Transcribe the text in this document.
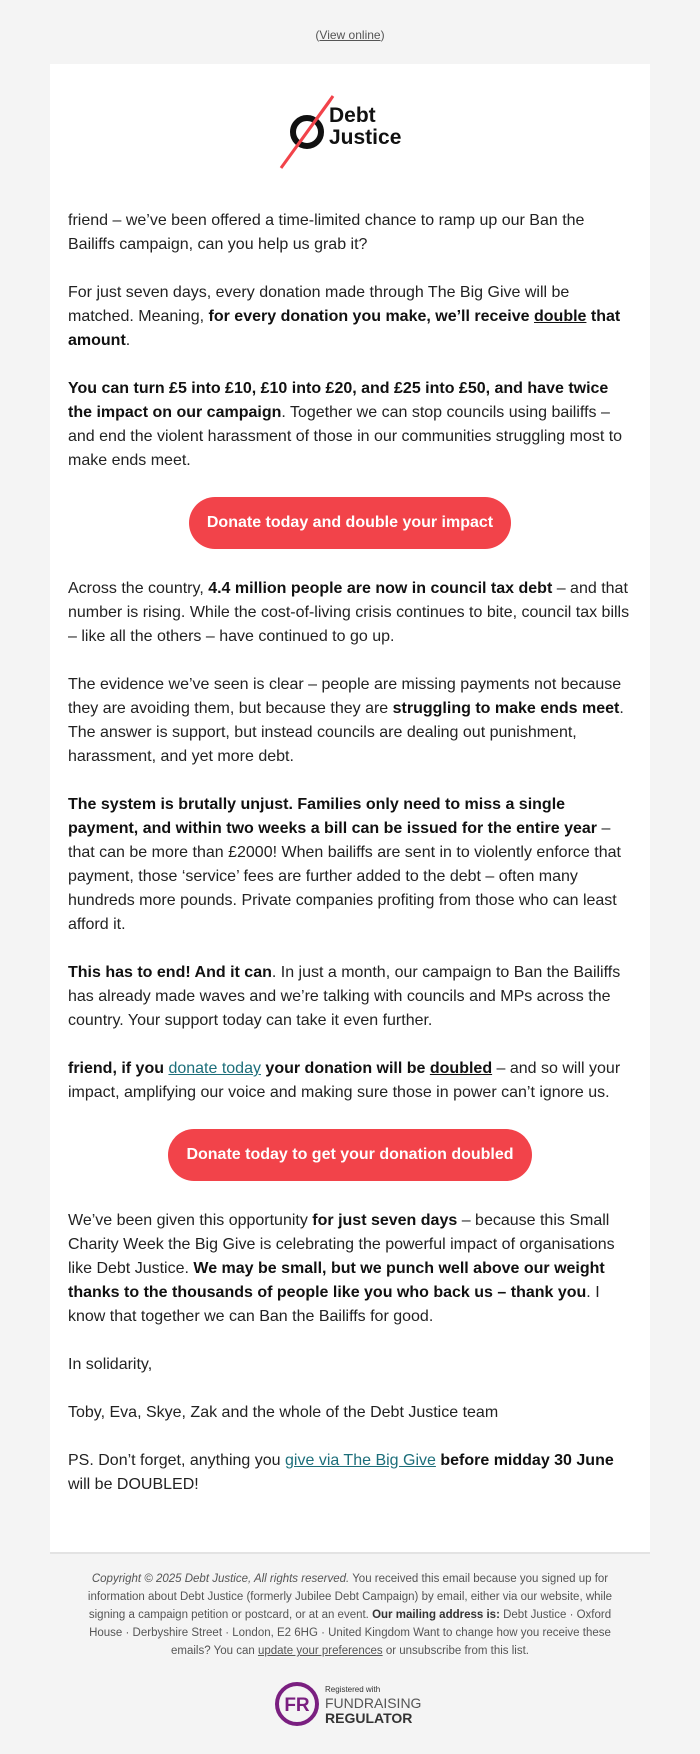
(View online)
Debt
Justice

friend – we’ve been offered a time-limited chance to ramp up our Ban the Bailiffs campaign, can you help us grab it?

For just seven days, every donation made through The Big Give will be matched. Meaning, for every donation you make, we’ll receive double that amount.

You can turn £5 into £10, £10 into £20, and £25 into £50, and have twice the impact on our campaign. Together we can stop councils using bailiffs – and end the violent harassment of those in our communities struggling most to make ends meet.

Donate today and double your impact

Across the country, 4.4 million people are now in council tax debt – and that number is rising. While the cost-of-living crisis continues to bite, council tax bills – like all the others – have continued to go up.

The evidence we’ve seen is clear – people are missing payments not because they are avoiding them, but because they are struggling to make ends meet. The answer is support, but instead councils are dealing out punishment, harassment, and yet more debt.

The system is brutally unjust. Families only need to miss a single payment, and within two weeks a bill can be issued for the entire year – that can be more than £2000! When bailiffs are sent in to violently enforce that payment, those ‘service’ fees are further added to the debt – often many hundreds more pounds. Private companies profiting from those who can least afford it.

This has to end! And it can. In just a month, our campaign to Ban the Bailiffs has already made waves and we’re talking with councils and MPs across the country. Your support today can take it even further.

friend, if you donate today your donation will be doubled – and so will your impact, amplifying our voice and making sure those in power can’t ignore us.

Donate today to get your donation doubled

We’ve been given this opportunity for just seven days – because this Small Charity Week the Big Give is celebrating the powerful impact of organisations like Debt Justice. We may be small, but we punch well above our weight thanks to the thousands of people like you who back us – thank you. I know that together we can Ban the Bailiffs for good.

In solidarity,

Toby, Eva, Skye, Zak and the whole of the Debt Justice team

PS. Don’t forget, anything you give via The Big Give before midday 30 June will be DOUBLED!

Copyright © 2025 Debt Justice, All rights reserved. You received this email because you signed up for information about Debt Justice (formerly Jubilee Debt Campaign) by email, either via our website, while signing a campaign petition or postcard, or at an event. Our mailing address is: Debt Justice · Oxford House · Derbyshire Street · London, E2 6HG · United Kingdom Want to change how you receive these emails? You can update your preferences or unsubscribe from this list.
FR
Registered with
FUNDRAISING
REGULATOR
